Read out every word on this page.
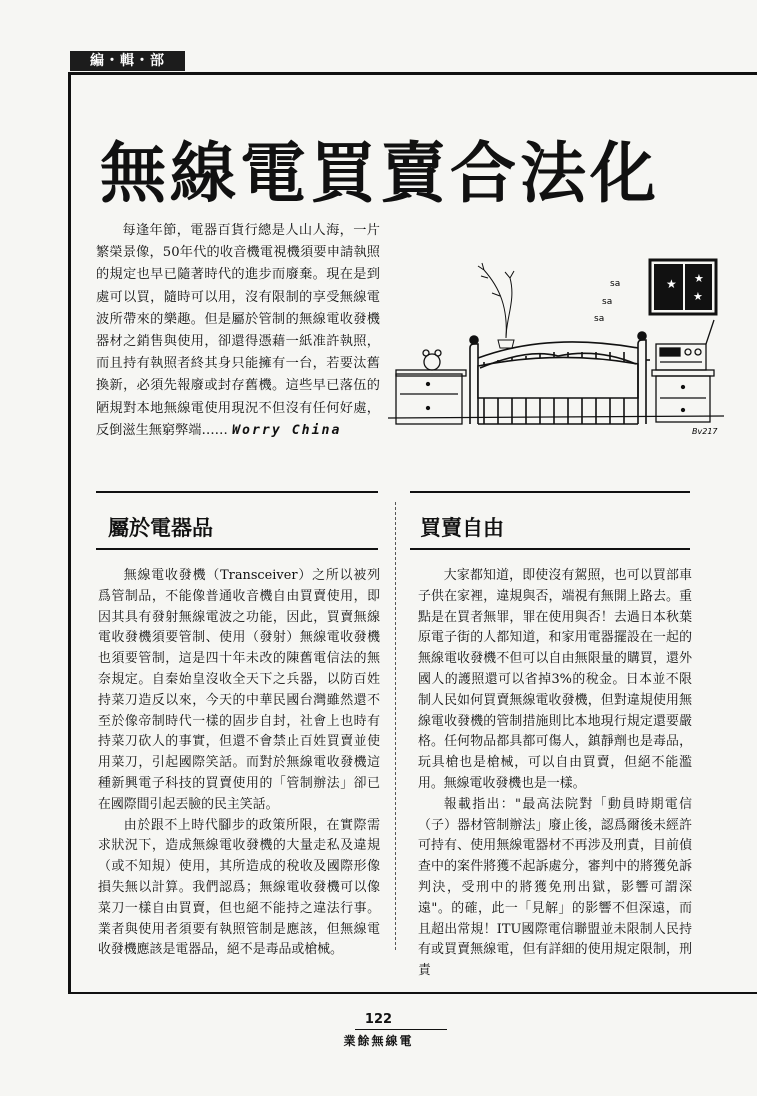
編・輯・部
無線電買賣合法化
每逢年節，電器百貨行總是人山人海，一片繁榮景像，50年代的收音機電視機須要申請執照的規定也早已隨著時代的進步而廢棄。現在是到處可以買，隨時可以用，沒有限制的享受無線電波所帶來的樂趣。但是屬於管制的無線電收發機器材之銷售與使用，卻還得憑藉一紙准許執照，而且持有執照者終其身只能擁有一台，若要汰舊換新，必須先報廢或封存舊機。這些早已落伍的陋規對本地無線電使用現況不但沒有任何好處，反倒滋生無窮弊端…… Worry China
★ ★
★
sa
sa
sa
Bv217
屬於電器品

無線電收發機（Transceiver）之所以被列爲管制品，不能像普通收音機自由買賣使用，即因其具有發射無線電波之功能，因此，買賣無線電收發機須要管制、使用（發射）無線電收發機也須要管制，這是四十年未改的陳舊電信法的無奈規定。自秦始皇沒收全天下之兵器，以防百姓持菜刀造反以來，今天的中華民國台灣雖然還不至於像帝制時代一樣的固步自封，社會上也時有持菜刀砍人的事實，但還不會禁止百姓買賣並使用菜刀，引起國際笑話。而對於無線電收發機這種新興電子科技的買賣使用的「管制辦法」卻已在國際間引起丟臉的民主笑話。

由於跟不上時代腳步的政策所限，在實際需求狀況下，造成無線電收發機的大量走私及違規（或不知規）使用，其所造成的稅收及國際形像損失無以計算。我們認爲；無線電收發機可以像菜刀一樣自由買賣，但也絕不能持之違法行事。業者與使用者須要有執照管制是應該，但無線電收發機應該是電器品，絕不是毒品或槍械。

買賣自由

大家都知道，即使沒有駕照，也可以買部車子供在家裡，違規與否，端視有無開上路去。重點是在買者無罪，罪在使用與否！去過日本秋葉原電子街的人都知道，和家用電器擺設在一起的無線電收發機不但可以自由無限量的購買，還外國人的護照還可以省掉3%的稅金。日本並不限制人民如何買賣無線電收發機，但對違規使用無線電收發機的管制措施則比本地現行規定還要嚴格。任何物品都具都可傷人，鎮靜劑也是毒品，玩具槍也是槍械，可以自由買賣，但絕不能濫用。無線電收發機也是一樣。

報載指出："最高法院對「動員時期電信（子）器材管制辦法」廢止後，認爲爾後未經許可持有、使用無線電器材不再涉及刑責，目前偵查中的案件將獲不起訴處分，審判中的將獲免訴判決，受刑中的將獲免刑出獄，影響可謂深遠"。的確，此一「見解」的影響不但深遠，而且超出常規！ITU國際電信聯盟並未限制人民持有或買賣無線電，但有詳細的使用規定限制，刑責

122
業餘無線電
